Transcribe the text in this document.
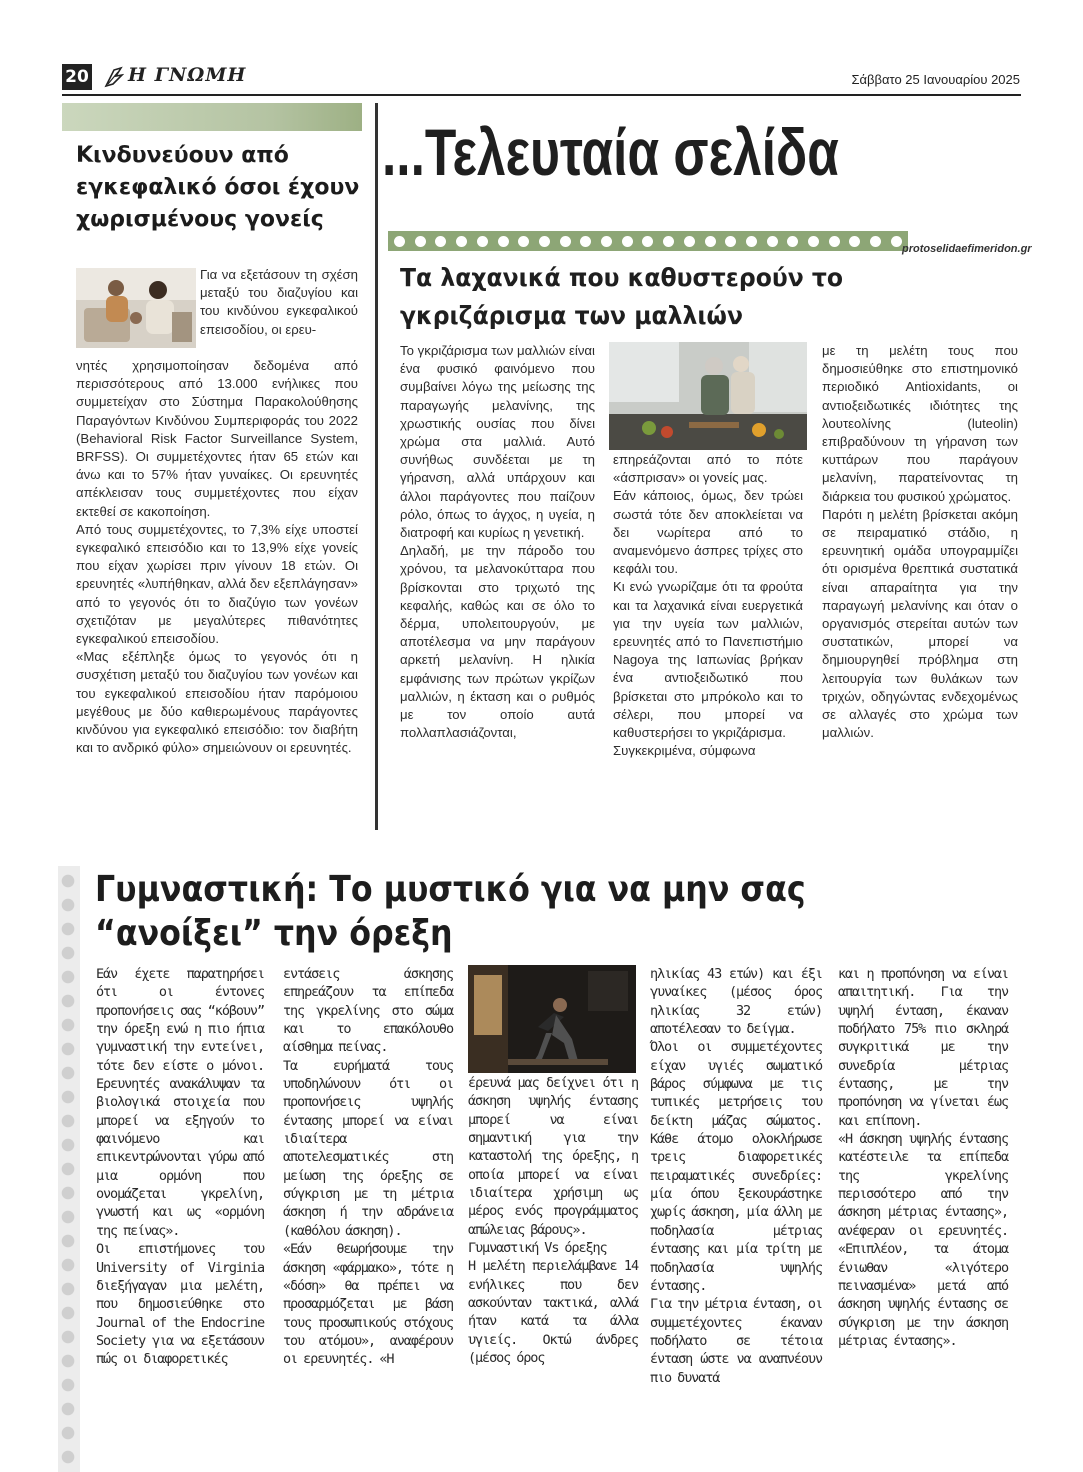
20 Η ΓΝΩΜΗ	Σάββατο 25 Ιανουαρίου 2025
Κινδυνεύουν από εγκεφαλικό όσοι έχουν χωρισμένους γονείς
Για να εξετάσουν τη σχέση μεταξύ του διαζυγίου και του κινδύνου εγκεφαλικού επεισοδίου, οι ερευ-

νητές χρησιμοποίησαν δεδομένα από περισσότερους από 13.000 ενήλικες που συμμετείχαν στο Σύστημα Παρακολούθησης Παραγόντων Κινδύνου Συμπεριφοράς του 2022 (Behavioral Risk Factor Surveillance System, BRFSS). Οι συμμετέχοντες ήταν 65 ετών και άνω και το 57% ήταν γυναίκες. Οι ερευνητές απέκλεισαν τους συμμετέχοντες που είχαν εκτεθεί σε κακοποίηση.

Από τους συμμετέχοντες, το 7,3% είχε υποστεί εγκεφαλικό επεισόδιο και το 13,9% είχε γονείς που είχαν χωρίσει πριν γίνουν 18 ετών. Οι ερευνητές «λυπήθηκαν, αλλά δεν εξεπλάγησαν» από το γεγονός ότι το διαζύγιο των γονέων σχετιζόταν με μεγαλύτερες πιθανότητες εγκεφαλικού επεισοδίου.

«Μας εξέπληξε όμως το γεγονός ότι η συσχέτιση μεταξύ του διαζυγίου των γονέων και του εγκεφαλικού επεισοδίου ήταν παρόμοιου μεγέθους με δύο καθιερωμένους παράγοντες κινδύνου για εγκεφαλικό επεισόδιο: τον διαβήτη και το ανδρικό φύλο» σημειώνουν οι ερευνητές.

...Τελευταία σελίδα
protoselidaefimeridon.gr
Τα λαχανικά που καθυστερούν το γκριζάρισμα των μαλλιών

Το γκριζάρισμα των μαλλιών είναι ένα φυσικό φαινόμενο που συμβαίνει λόγω της μείωσης της παραγωγής μελανίνης, της χρωστικής ουσίας που δίνει χρώμα στα μαλλιά. Αυτό συνήθως συνδέεται με τη γήρανση, αλλά υπάρχουν και άλλοι παράγοντες που παίζουν ρόλο, όπως το άγχος, η υγεία, η διατροφή και κυρίως η γενετική.

Δηλαδή, με την πάροδο του χρόνου, τα μελανοκύτταρα που βρίσκονται στο τριχωτό της κεφαλής, καθώς και σε όλο το δέρμα, υπολειτουργούν, με αποτέλεσμα να μην παράγουν αρκετή μελανίνη. Η ηλικία εμφάνισης των πρώτων γκρίζων μαλλιών, η έκταση και ο ρυθμός με τον οποίο αυτά πολλαπλασιάζονται,

επηρεάζονται από το πότε «άσπρισαν» οι γονείς μας.

Εάν κάποιος, όμως, δεν τρώει σωστά τότε δεν αποκλείεται να δει νωρίτερα από το αναμενόμενο άσπρες τρίχες στο κεφάλι του.

Κι ενώ γνωρίζαμε ότι τα φρούτα και τα λαχανικά είναι ευεργετικά για την υγεία των μαλλιών, ερευνητές από το Πανεπιστήμιο Nagoya της Ιαπωνίας βρήκαν ένα αντιοξειδωτικό που βρίσκεται στο μπρόκολο και το σέλερι, που μπορεί να καθυστερήσει το γκριζάρισμα.

Συγκεκριμένα, σύμφωνα

με τη μελέτη τους που δημοσιεύθηκε στο επιστημονικό περιοδικό Antioxidants, οι αντιοξειδωτικές ιδιότητες της λουτεολίνης (luteolin) επιβραδύνουν τη γήρανση των κυττάρων που παράγουν μελανίνη, παρατείνοντας τη διάρκεια του φυσικού χρώματος.

Παρότι η μελέτη βρίσκεται ακόμη σε πειραματικό στάδιο, η ερευνητική ομάδα υπογραμμίζει ότι ορισμένα θρεπτικά συστατικά είναι απαραίτητα για την παραγωγή μελανίνης και όταν ο οργανισμός στερείται αυτών των συστατικών, μπορεί να δημιουργηθεί πρόβλημα στη λειτουργία των θυλάκων των τριχών, οδηγώντας ενδεχομένως σε αλλαγές στο χρώμα των μαλλιών.

Γυμναστική: Το μυστικό για να μην σας “ανοίξει” την όρεξη

Εάν έχετε παρατηρήσει ότι οι έντονες προπονήσεις σας “κόβουν” την όρεξη ενώ η πιο ήπια γυμναστική την εντείνει, τότε δεν είστε ο μόνοι. Ερευνητές ανακάλυψαν τα βιολογικά στοιχεία που μπορεί να εξηγούν το φαινόμενο και επικεντρώνονται γύρω από μια ορμόνη που ονομάζεται γκρελίνη, γνωστή και ως «ορμόνη της πείνας».

Οι επιστήμονες του University of Virginia διεξήγαγαν μια μελέτη, που δημοσιεύθηκε στο Journal of the Endocrine Society για να εξετάσουν πώς οι διαφορετικές

εντάσεις άσκησης επηρεάζουν τα επίπεδα της γκρελίνης στο σώμα και το επακόλουθο αίσθημα πείνας.

Τα ευρήματά τους υποδηλώνουν ότι οι προπονήσεις υψηλής έντασης μπορεί να είναι ιδιαίτερα αποτελεσματικές στη μείωση της όρεξης σε σύγκριση με τη μέτρια άσκηση ή την αδράνεια (καθόλου άσκηση).

«Εάν θεωρήσουμε την άσκηση «φάρμακο», τότε η «δόση» θα πρέπει να προσαρμόζεται με βάση τους προσωπικούς στόχους του ατόμου», αναφέρουν οι ερευνητές. «Η

έρευνά μας δείχνει ότι η άσκηση υψηλής έντασης μπορεί να είναι σημαντική για την καταστολή της όρεξης, η οποία μπορεί να είναι ιδιαίτερα χρήσιμη ως μέρος ενός προγράμματος απώλειας βάρους».

Γυμναστική Vs όρεξης

Η μελέτη περιελάμβανε 14 ενήλικες που δεν ασκούνταν τακτικά, αλλά ήταν κατά τα άλλα υγιείς. Οκτώ άνδρες (μέσος όρος

ηλικίας 43 ετών) και έξι γυναίκες (μέσος όρος ηλικίας 32 ετών) αποτέλεσαν το δείγμα.

Όλοι οι συμμετέχοντες είχαν υγιές σωματικό βάρος σύμφωνα με τις τυπικές μετρήσεις του δείκτη μάζας σώματος. Κάθε άτομο ολοκλήρωσε τρεις διαφορετικές πειραματικές συνεδρίες: μία όπου ξεκουράστηκε χωρίς άσκηση, μία άλλη με ποδηλασία μέτριας έντασης και μία τρίτη με ποδηλασία υψηλής έντασης.

Για την μέτρια ένταση, οι συμμετέχοντες έκαναν ποδήλατο σε τέτοια ένταση ώστε να αναπνέουν πιο δυνατά

και η προπόνηση να είναι απαιτητική. Για την υψηλή ένταση, έκαναν ποδήλατο 75% πιο σκληρά συγκριτικά με την συνεδρία μέτριας έντασης, με την προπόνηση να γίνεται έως και επίπονη.

«Η άσκηση υψηλής έντασης κατέστειλε τα επίπεδα της γκρελίνης περισσότερο από την άσκηση μέτριας έντασης», ανέφεραν οι ερευνητές. «Επιπλέον, τα άτομα ένιωθαν «λιγότερο πεινασμένα» μετά από άσκηση υψηλής έντασης σε σύγκριση με την άσκηση μέτριας έντασης».
